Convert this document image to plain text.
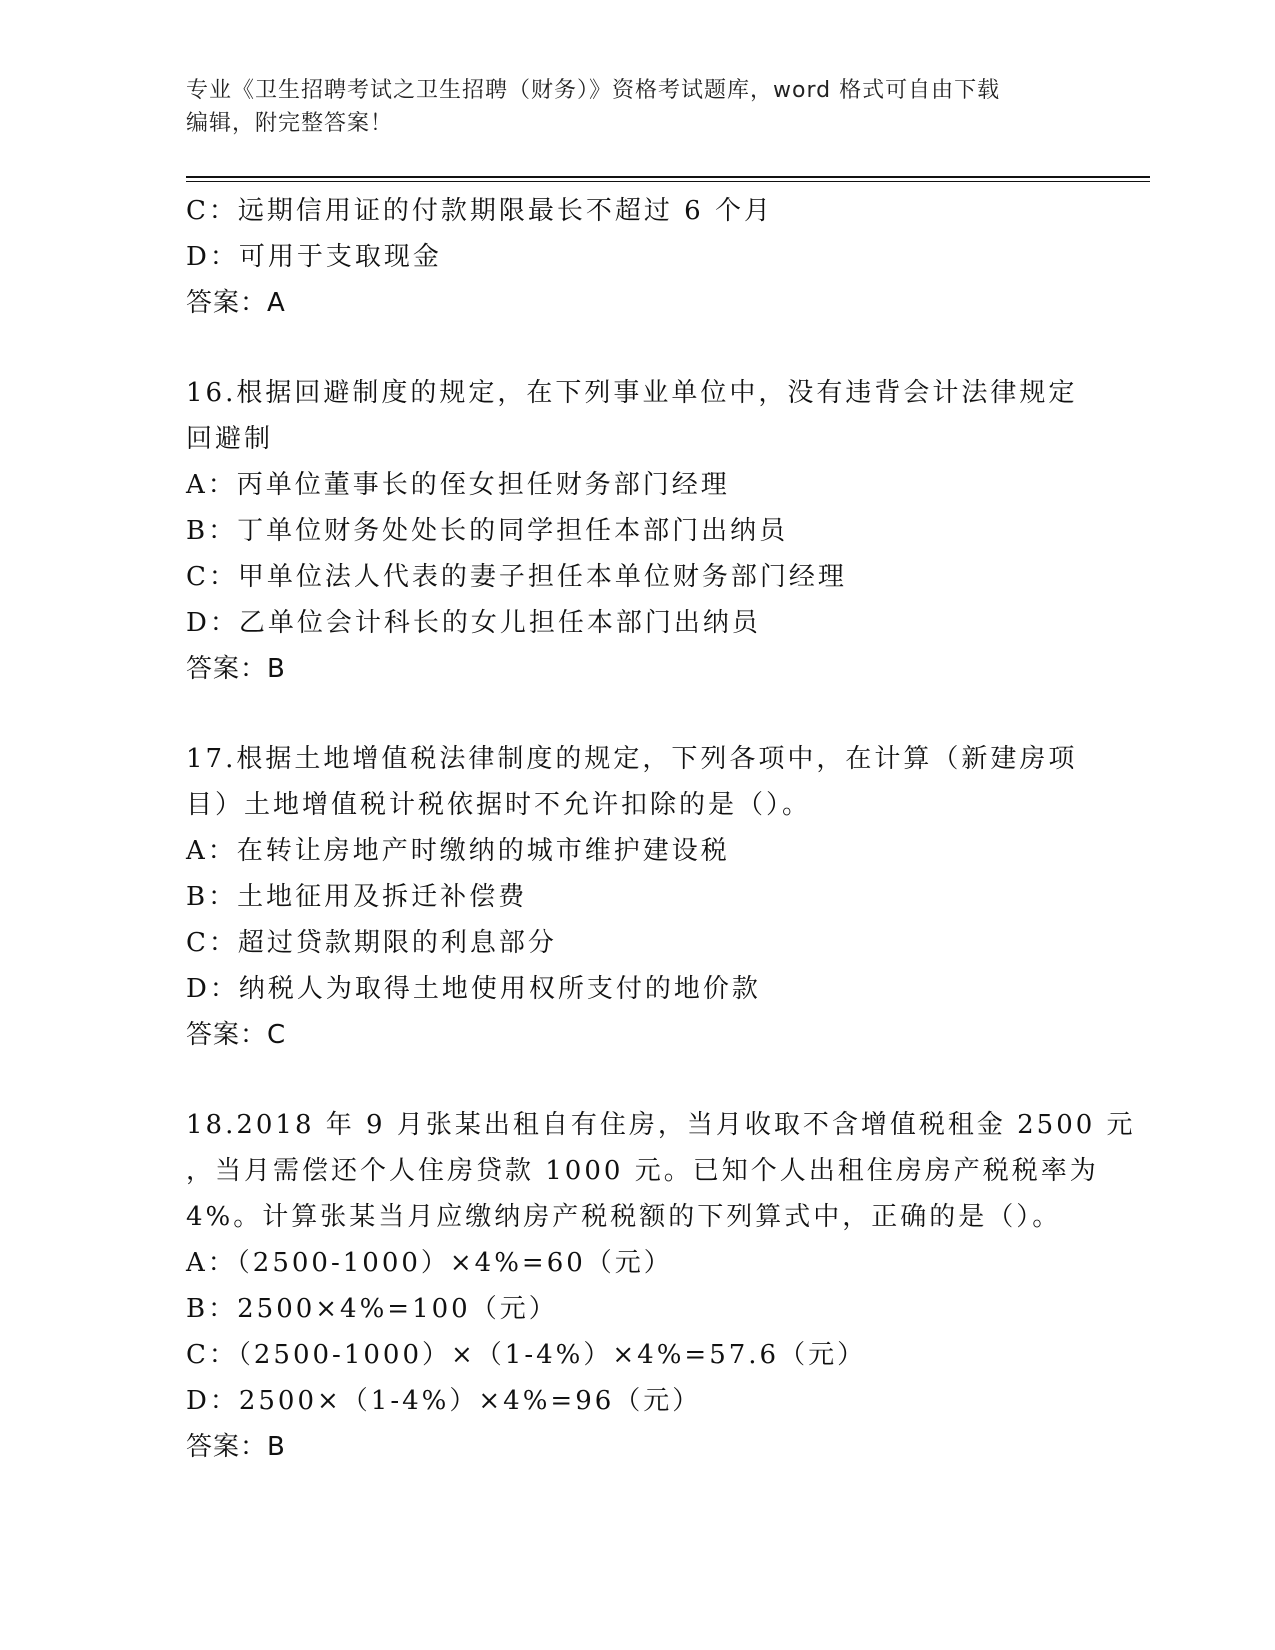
专业《卫生招聘考试之卫生招聘（财务）》资格考试题库，word 格式可自由下载
编辑，附完整答案！
C：远期信用证的付款期限最长不超过 6 个月
D：可用于支取现金
答案：A
16.根据回避制度的规定，在下列事业单位中，没有违背会计法律规定
回避制
A：丙单位董事长的侄女担任财务部门经理
B：丁单位财务处处长的同学担任本部门出纳员
C：甲单位法人代表的妻子担任本单位财务部门经理
D：乙单位会计科长的女儿担任本部门出纳员
答案：B
17.根据土地增值税法律制度的规定，下列各项中，在计算（新建房项
目）土地增值税计税依据时不允许扣除的是（）。
A：在转让房地产时缴纳的城市维护建设税
B：土地征用及拆迁补偿费
C：超过贷款期限的利息部分
D：纳税人为取得土地使用权所支付的地价款
答案：C
18.2018 年 9 月张某出租自有住房，当月收取不含增值税租金 2500 元
，当月需偿还个人住房贷款 1000 元。已知个人出租住房房产税税率为
4%。计算张某当月应缴纳房产税税额的下列算式中，正确的是（）。
A：（2500-1000）×4%=60（元）
B：2500×4%=100（元）
C：（2500-1000）×（1-4%）×4%=57.6（元）
D：2500×（1-4%）×4%=96（元）
答案：B
